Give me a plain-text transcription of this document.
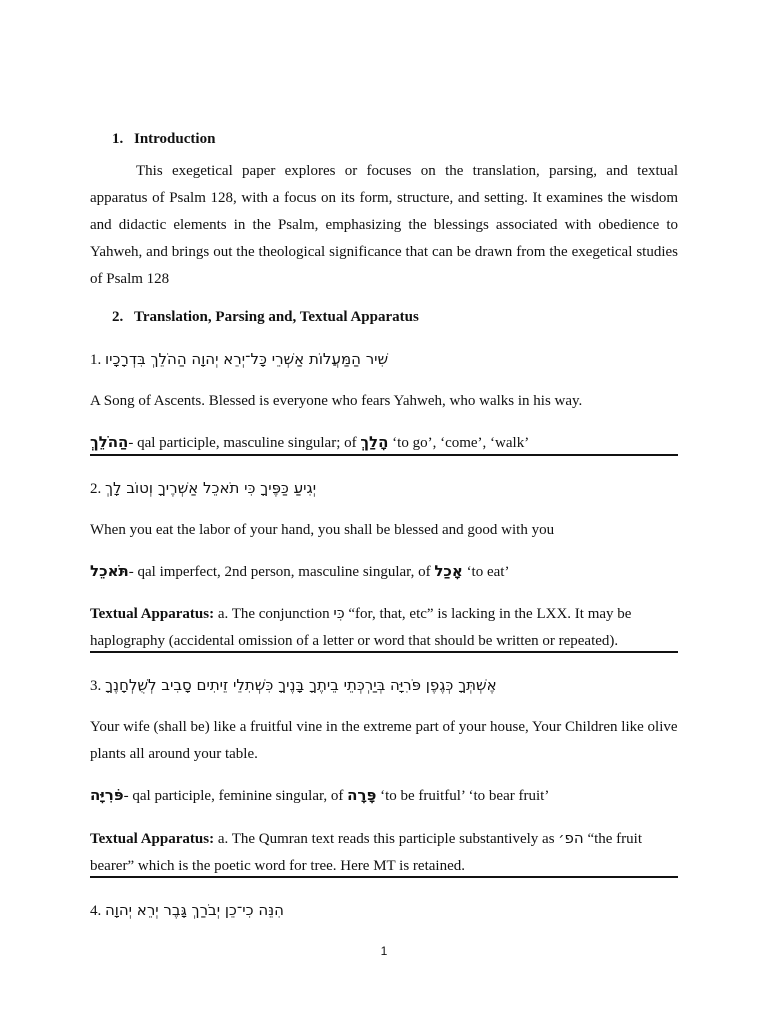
1. Introduction
This exegetical paper explores or focuses on the translation, parsing, and textual apparatus of Psalm 128, with a focus on its form, structure, and setting. It examines the wisdom and didactic elements in the Psalm, emphasizing the blessings associated with obedience to Yahweh, and brings out the theological significance that can be drawn from the exegetical studies of Psalm 128
2. Translation, Parsing and, Textual Apparatus
1. שִׁיר הַמַּעֲלוֹת אַשְׁרֵי כָּל־יְרֵא יְהוָה הַהֹלֵךְ בִּדְרָכָיו
A Song of Ascents. Blessed is everyone who fears Yahweh, who walks in his way.
הַהֹלֵךְ- qal participle, masculine singular; of הָלַךְ ‘to go’, ‘come’, ‘walk’
2. יְגִיעַ כַּפֶּיךָ כִּי תֹאכֵל אַשְׁרֶיךָ וְטוֹב לָךְ
When you eat the labor of your hand, you shall be blessed and good with you
תֹּאכֵל- qal imperfect, 2nd person, masculine singular, of אָכַל ‘to eat’
Textual Apparatus: a. The conjunction כִּי “for, that, etc” is lacking in the LXX. It may be
haplography (accidental omission of a letter or word that should be written or repeated).
3. אֶשְׁתְּךָ כְּגֶפֶן פֹּרִיָּה בְּיַרְכְּתֵי בֵיתֶךָ בָּנֶיךָ כִּשְׁתִלֵי זֵיתִים סָבִיב לְשֻׁלְחָנֶךָ
Your wife (shall be) like a fruitful vine in the extreme part of your house, Your Children like olive plants all around your table.
פֹּרִיָּה- qal participle, feminine singular, of פָּרָה ‘to be fruitful’ ‘to bear fruit’
Textual Apparatus: a. The Qumran text reads this participle substantively as הפ׳ “the fruit
bearer” which is the poetic word for tree. Here MT is retained.
4. הִנֵּה כִי־כֵן יְבֹרַךְ גָּבֶר יְרֵא יְהוָה
1
